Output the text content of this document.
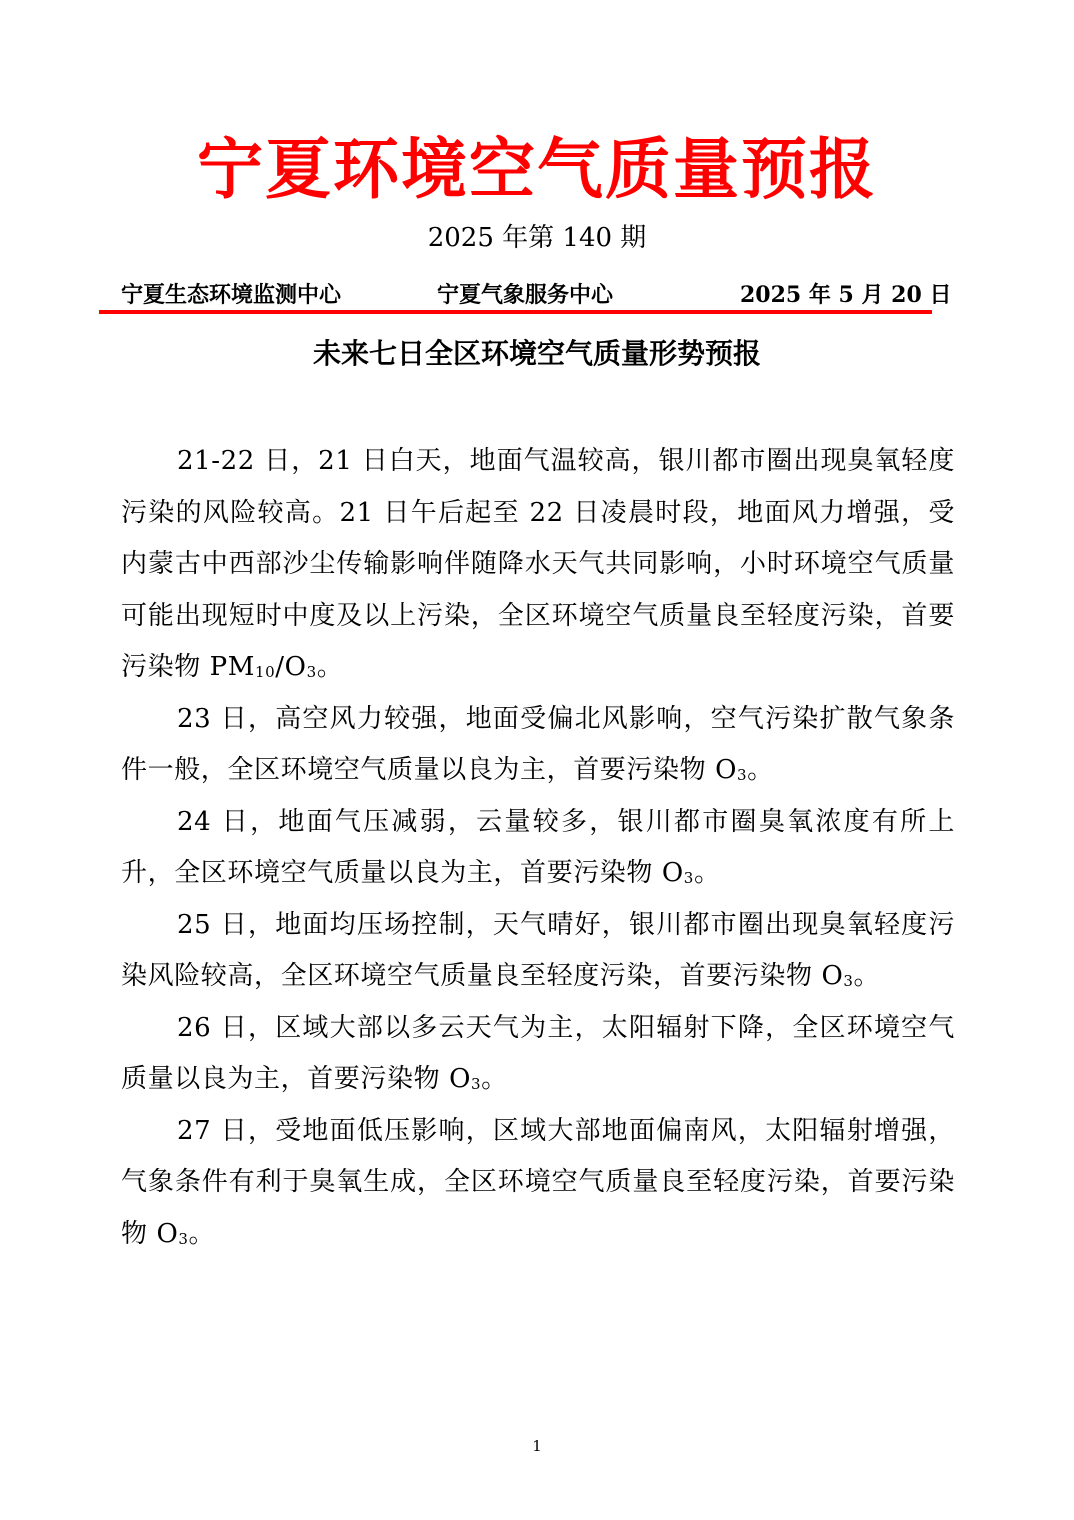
宁夏环境空气质量预报
2025 年第 140 期
宁夏生态环境监测中心	宁夏气象服务中心	2025 年 5 月 20 日
未来七日全区环境空气质量形势预报

21-22 日，21 日白天，地面气温较高，银川都市圈出现臭氧轻度污染的风险较高。21 日午后起至 22 日凌晨时段，地面风力增强，受内蒙古中西部沙尘传输影响伴随降水天气共同影响，小时环境空气质量可能出现短时中度及以上污染，全区环境空气质量良至轻度污染，首要污染物 $PM_{10}/O_3$。

23 日，高空风力较强，地面受偏北风影响，空气污染扩散气象条件一般，全区环境空气质量以良为主，首要污染物 $O_3$。

24 日，地面气压减弱，云量较多，银川都市圈臭氧浓度有所上升，全区环境空气质量以良为主，首要污染物 $O_3$。

25 日，地面均压场控制，天气晴好，银川都市圈出现臭氧轻度污染风险较高，全区环境空气质量良至轻度污染，首要污染物 $O_3$。

26 日，区域大部以多云天气为主，太阳辐射下降，全区环境空气质量以良为主，首要污染物 $O_3$。

27 日，受地面低压影响，区域大部地面偏南风，太阳辐射增强，气象条件有利于臭氧生成，全区环境空气质量良至轻度污染，首要污染物 $O_3$。

1
